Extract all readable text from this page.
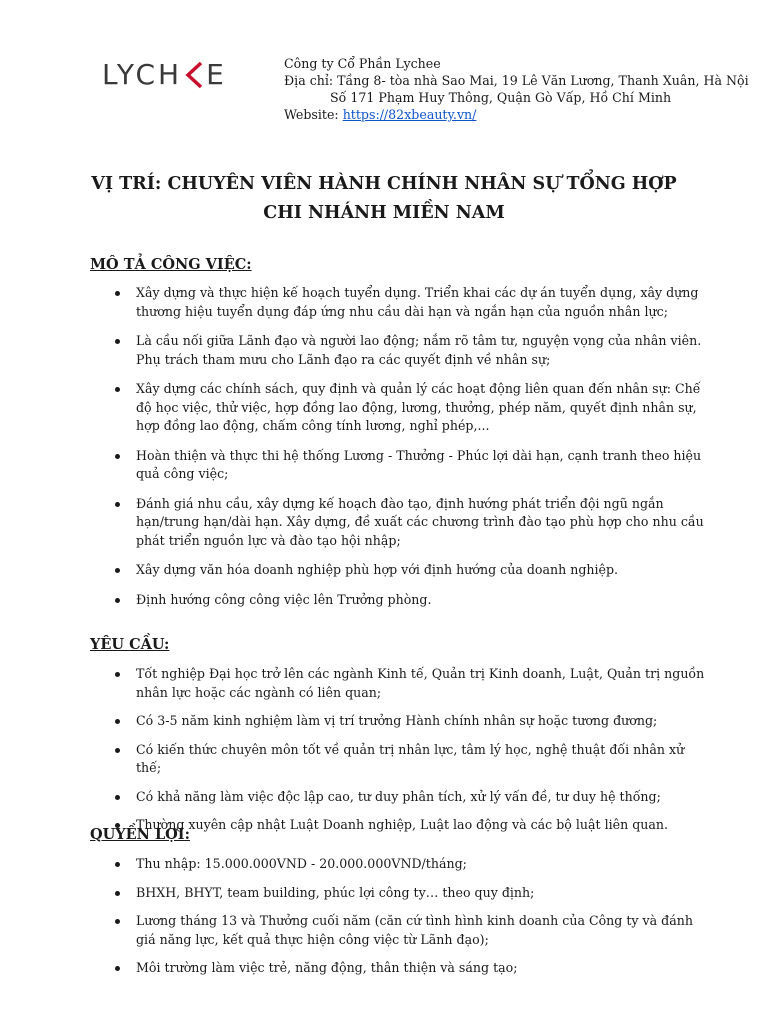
LYCH E	Công ty Cổ Phần Lychee
Địa chỉ: Tầng 8- tòa nhà Sao Mai, 19 Lê Văn Lương, Thanh Xuân, Hà Nội
Số 171 Phạm Huy Thông, Quận Gò Vấp, Hồ Chí Minh
Website: https://82xbeauty.vn/
VỊ TRÍ: CHUYÊN VIÊN HÀNH CHÍNH NHÂN SỰ TỔNG HỢP
CHI NHÁNH MIỀN NAM
MÔ TẢ CÔNG VIỆC:
Xây dựng và thực hiện kế hoạch tuyển dụng. Triển khai các dự án tuyển dụng, xây dựng thương hiệu tuyển dụng đáp ứng nhu cầu dài hạn và ngắn hạn của nguồn nhân lực;
Là cầu nối giữa Lãnh đạo và người lao động; nắm rõ tâm tư, nguyện vọng của nhân viên. Phụ trách tham mưu cho Lãnh đạo ra các quyết định về nhân sự;
Xây dựng các chính sách, quy định và quản lý các hoạt động liên quan đến nhân sự: Chế độ học việc, thử việc, hợp đồng lao động, lương, thưởng, phép năm, quyết định nhân sự, hợp đồng lao động, chấm công tính lương, nghỉ phép,...
Hoàn thiện và thực thi hệ thống Lương - Thưởng - Phúc lợi dài hạn, cạnh tranh theo hiệu quả công việc;
Đánh giá nhu cầu, xây dựng kế hoạch đào tạo, định hướng phát triển đội ngũ ngắn hạn/trung hạn/dài hạn. Xây dựng, đề xuất các chương trình đào tạo phù hợp cho nhu cầu phát triển nguồn lực và đào tạo hội nhập;
Xây dựng văn hóa doanh nghiệp phù hợp với định hướng của doanh nghiệp.
Định hướng công công việc lên Trưởng phòng.
YÊU CẦU:
Tốt nghiệp Đại học trở lên các ngành Kinh tế, Quản trị Kinh doanh, Luật, Quản trị nguồn nhân lực hoặc các ngành có liên quan;
Có 3-5 năm kinh nghiệm làm vị trí trưởng Hành chính nhân sự hoặc tương đương;
Có kiến thức chuyên môn tốt về quản trị nhân lực, tâm lý học, nghệ thuật đối nhân xử thế;
Có khả năng làm việc độc lập cao, tư duy phân tích, xử lý vấn đề, tư duy hệ thống;
Thường xuyên cập nhật Luật Doanh nghiệp, Luật lao động và các bộ luật liên quan.
QUYỀN LỢI:
Thu nhập: 15.000.000VND - 20.000.000VND/tháng;
BHXH, BHYT, team building, phúc lợi công ty… theo quy định;
Lương tháng 13 và Thưởng cuối năm (căn cứ tình hình kinh doanh của Công ty và đánh giá năng lực, kết quả thực hiện công việc từ Lãnh đạo);
Môi trường làm việc trẻ, năng động, thân thiện và sáng tạo;
